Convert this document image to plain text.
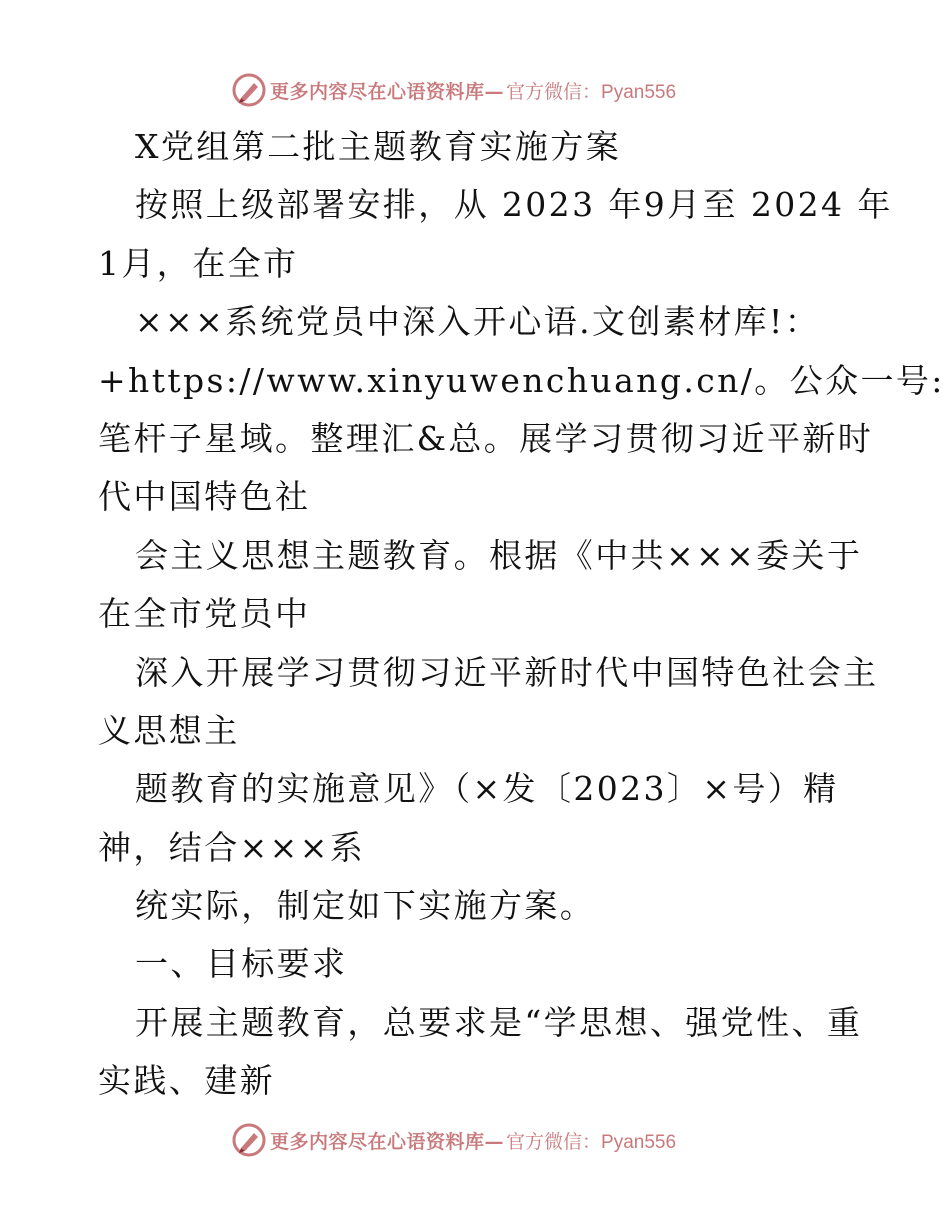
更多内容尽在心语资料库— 官方微信：Pyan556
X党组第二批主题教育实施方案
按照上级部署安排，从 2023 年9月至 2024 年
1月，在全市
×××系统党员中深入开心语.文创素材库!：
+https://www.xinyuwenchuang.cn/。公众一号:
笔杆子星域。整理汇&总。展学习贯彻习近平新时
代中国特色社
会主义思想主题教育。根据《中共×××委关于
在全市党员中
深入开展学习贯彻习近平新时代中国特色社会主
义思想主
题教育的实施意见》（×发〔2023〕×号）精
神，结合×××系
统实际，制定如下实施方案。
一、目标要求
开展主题教育，总要求是“学思想、强党性、重
实践、建新
更多内容尽在心语资料库— 官方微信：Pyan556
